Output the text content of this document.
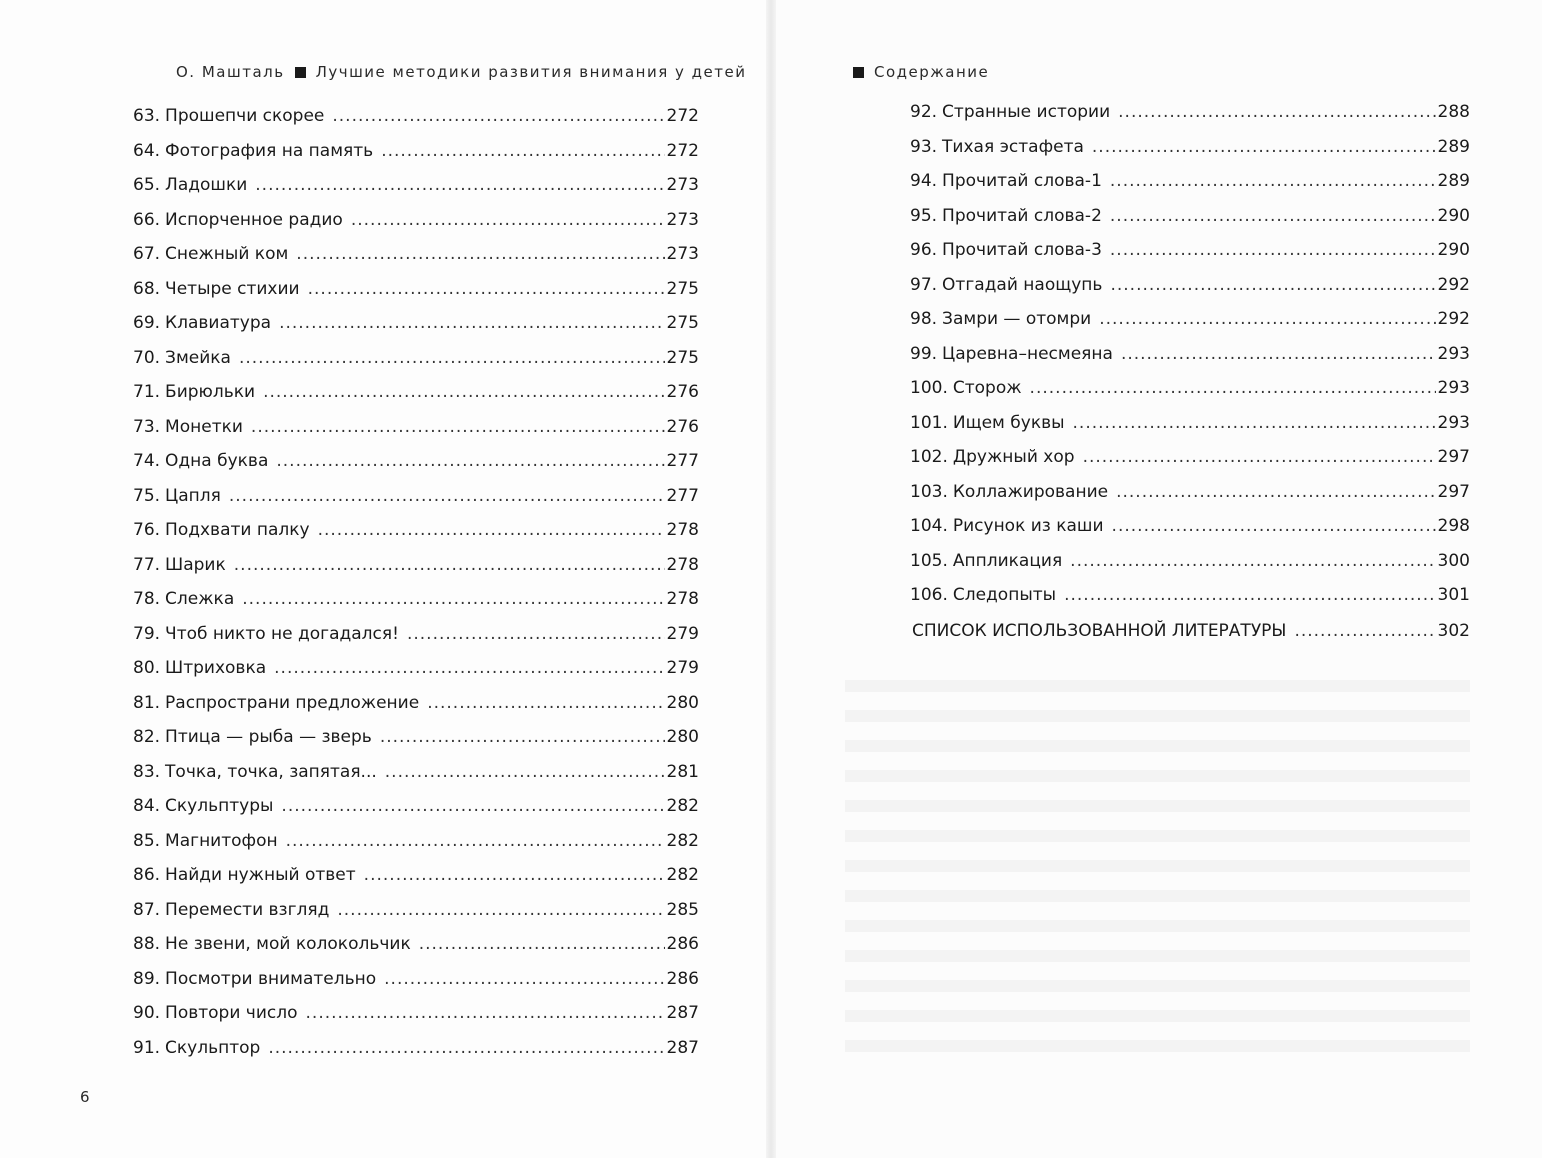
О. Машталь Лучшие методики развития внимания у детей	Содержание
63. Прошепчи скорее .....	272
64. Фотография на память .....	272
65. Ладошки .....	273
66. Испорченное радио .....	273
67. Снежный ком .....	273
68. Четыре стихии .....	275
69. Клавиатура .....	275
70. Змейка .....	275
71. Бирюльки .....	276
73. Монетки .....	276
74. Одна буква .....	277
75. Цапля .....	277
76. Подхвати палку .....	278
77. Шарик .....	278
78. Слежка .....	278
79. Чтоб никто не догадался! .....	279
80. Штриховка .....	279
81. Распространи предложение .....	280
82. Птица — рыба — зверь .....	280
83. Точка, точка, запятая... .....	281
84. Скульптуры .....	282
85. Магнитофон .....	282
86. Найди нужный ответ .....	282
87. Перемести взгляд .....	285
88. Не звени, мой колокольчик .....	286
89. Посмотри внимательно .....	286
90. Повтори число .....	287
91. Скульптор .....	287
92. Странные истории .....	288
93. Тихая эстафета .....	289
94. Прочитай слова-1 .....	289
95. Прочитай слова-2 .....	290
96. Прочитай слова-3 .....	290
97. Отгадай наощупь .....	292
98. Замри — отомри .....	292
99. Царевна–несмеяна .....	293
100. Сторож .....	293
101. Ищем буквы .....	293
102. Дружный хор .....	297
103. Коллажирование .....	297
104. Рисунок из каши .....	298
105. Аппликация .....	300
106. Следопыты .....	301
СПИСОК ИСПОЛЬЗОВАННОЙ ЛИТЕРАТУРЫ .....	302
6
